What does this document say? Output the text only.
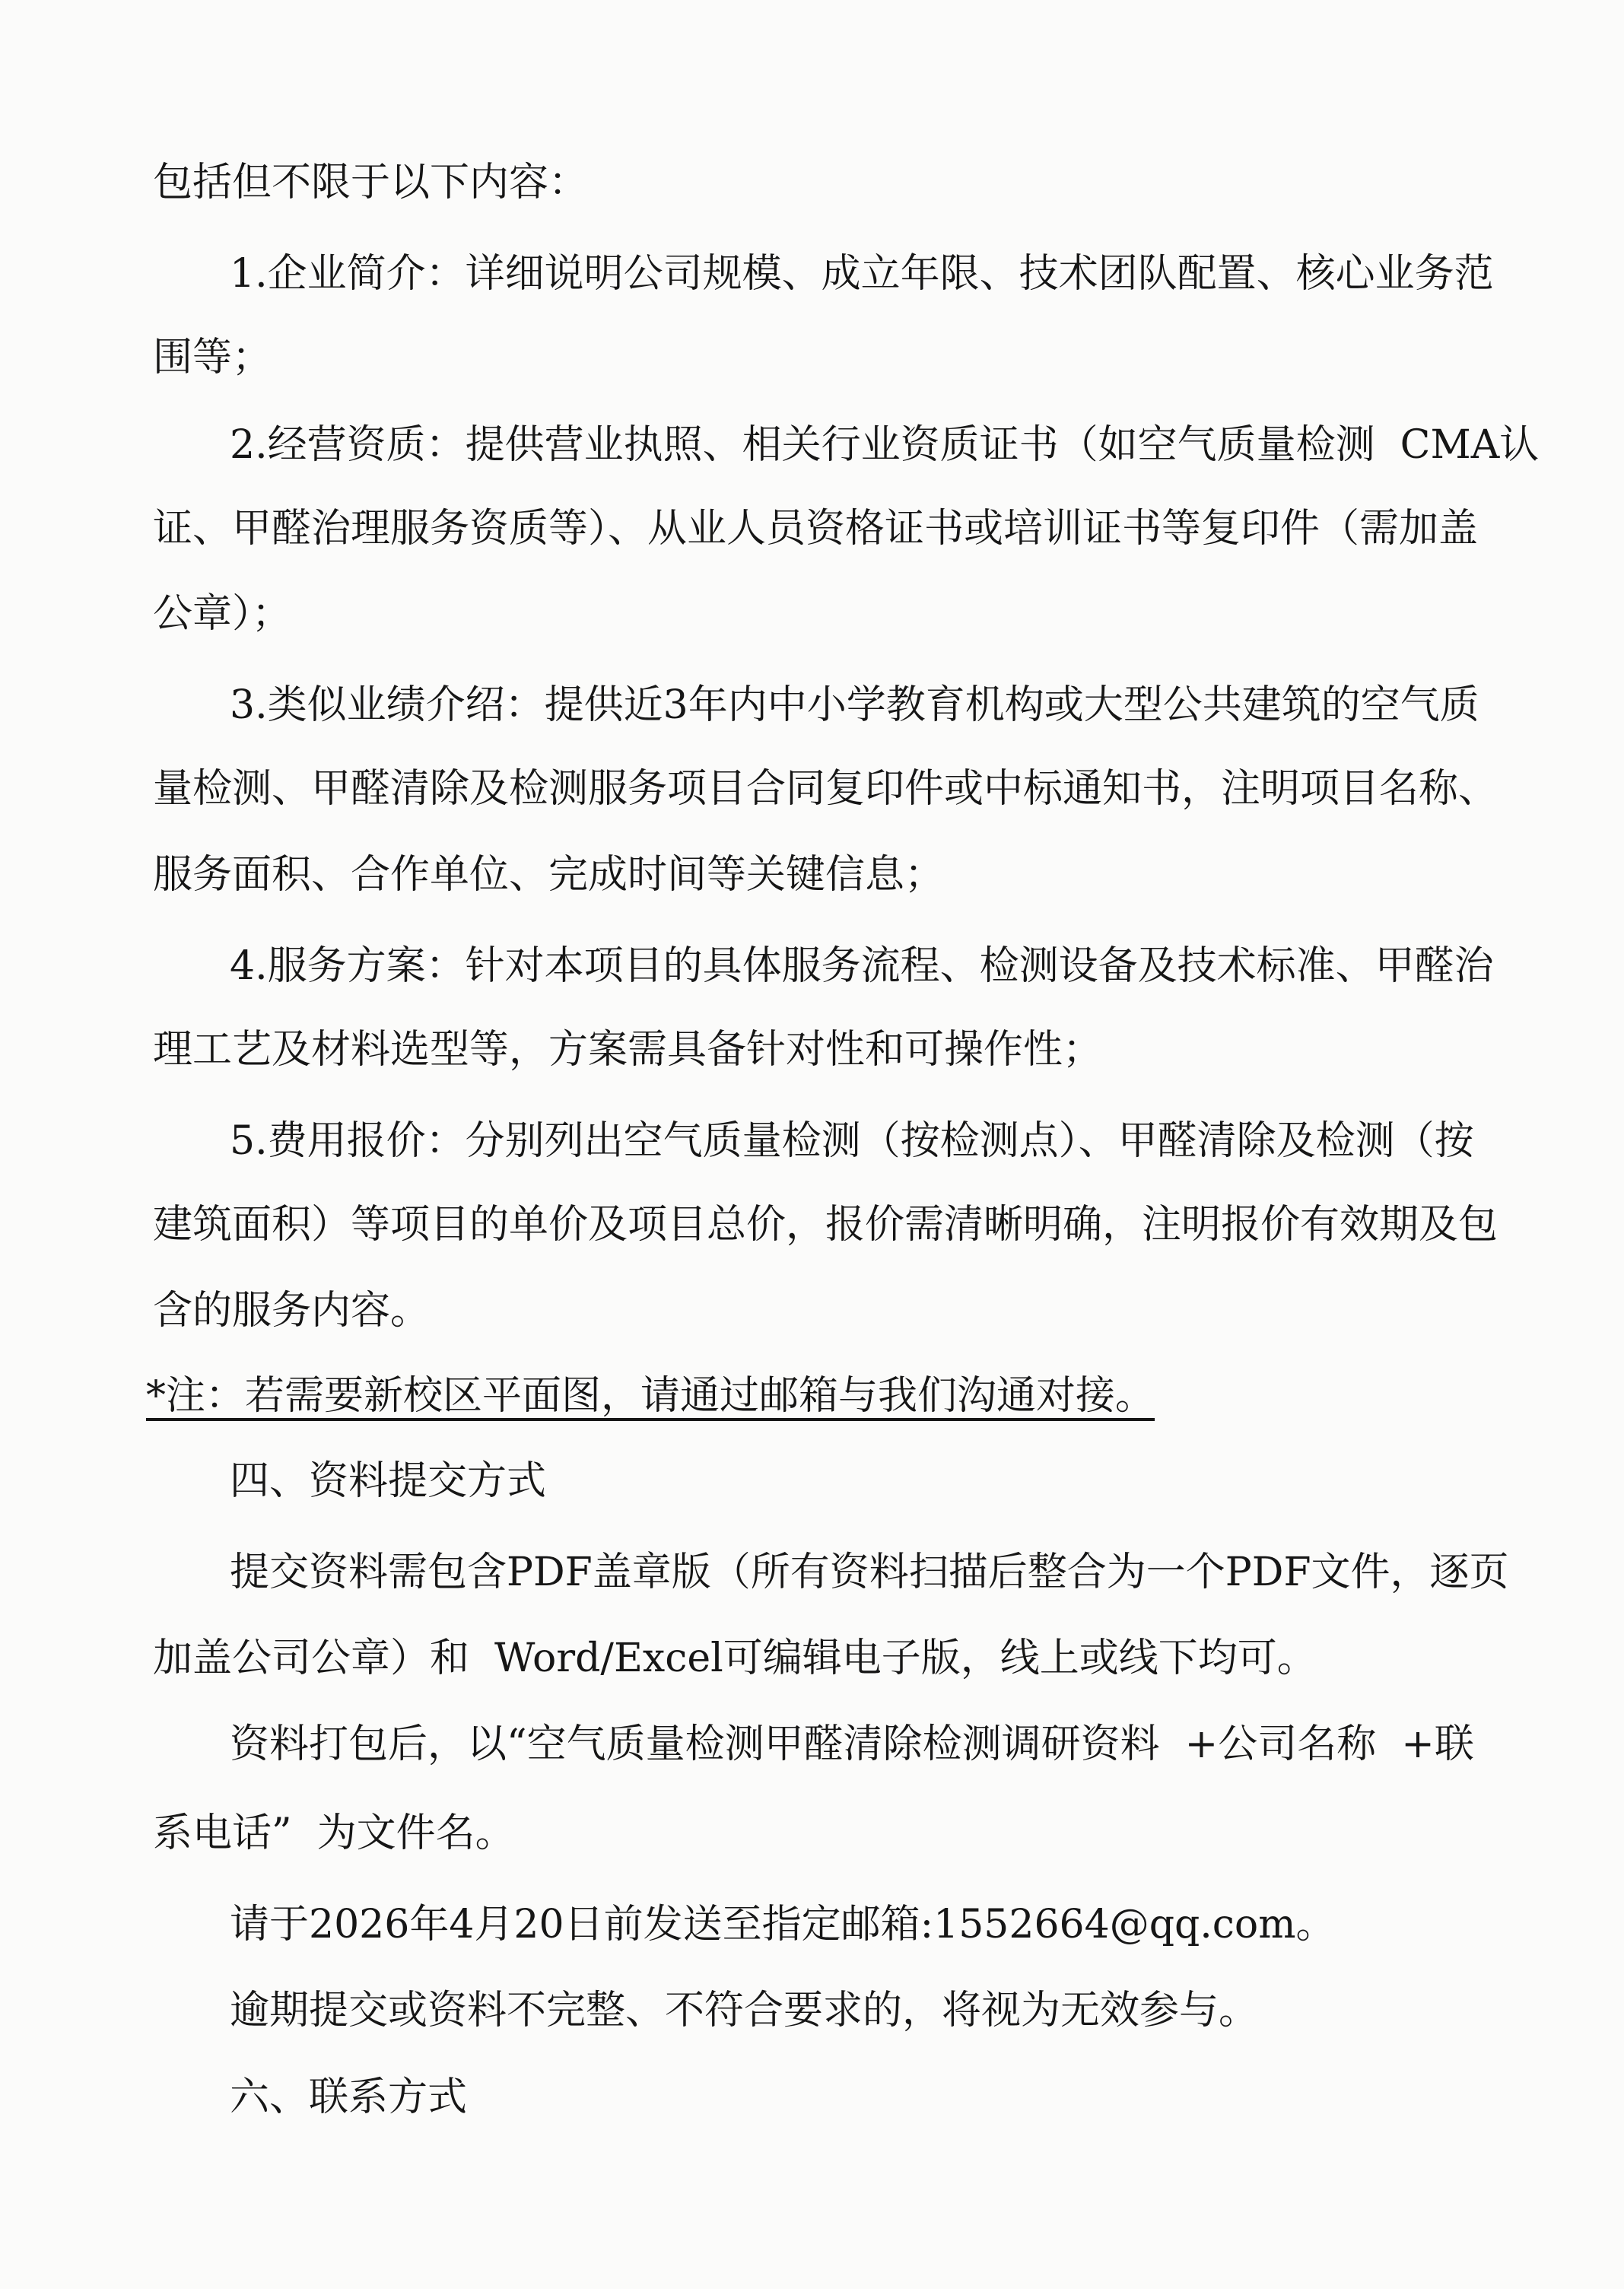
包括但不限于以下内容：
1.企业简介：详细说明公司规模、成立年限、技术团队配置、核心业务范
围等；
2.经营资质：提供营业执照、相关行业资质证书（如空气质量检测  CMA认
证、甲醛治理服务资质等）、从业人员资格证书或培训证书等复印件（需加盖
公章）；
3.类似业绩介绍：提供近3年内中小学教育机构或大型公共建筑的空气质
量检测、甲醛清除及检测服务项目合同复印件或中标通知书，注明项目名称、
服务面积、合作单位、完成时间等关键信息；
4.服务方案：针对本项目的具体服务流程、检测设备及技术标准、甲醛治
理工艺及材料选型等，方案需具备针对性和可操作性；
5.费用报价：分别列出空气质量检测（按检测点）、甲醛清除及检测（按
建筑面积）等项目的单价及项目总价，报价需清晰明确，注明报价有效期及包
含的服务内容。
*注：若需要新校区平面图，请通过邮箱与我们沟通对接。
四、资料提交方式
提交资料需包含PDF盖章版（所有资料扫描后整合为一个PDF文件，逐页
加盖公司公章）和  Word/Excel可编辑电子版，线上或线下均可。
资料打包后，以“空气质量检测甲醛清除检测调研资料  +公司名称  +联
系电话”  为文件名。
请于2026年4月20日前发送至指定邮箱:1552664@qq.com。
逾期提交或资料不完整、不符合要求的，将视为无效参与。
六、联系方式
